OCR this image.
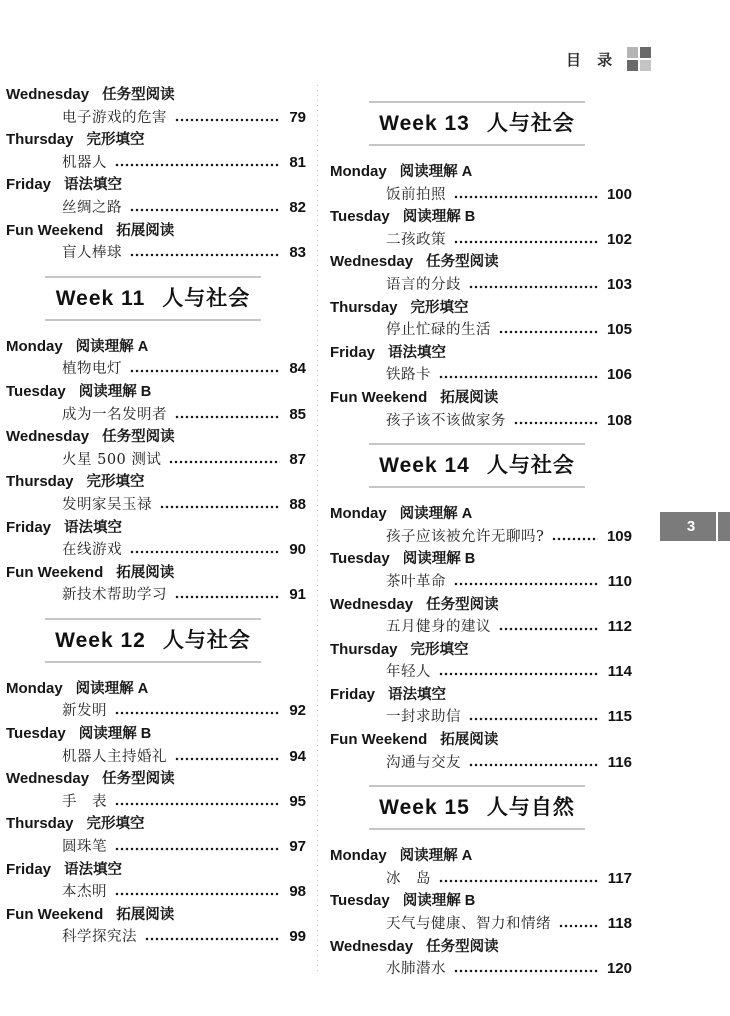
目 录
Wednesday 任务型阅读
电子游戏的危害	79
Thursday 完形填空
机器人	81
Friday 语法填空
丝绸之路	82
Fun Weekend 拓展阅读
盲人棒球	83
Week 11 人与社会
Monday 阅读理解 A
植物电灯	84
Tuesday 阅读理解 B
成为一名发明者	85
Wednesday 任务型阅读
火星 500 测试	87
Thursday 完形填空
发明家吴玉禄	88
Friday 语法填空
在线游戏	90
Fun Weekend 拓展阅读
新技术帮助学习	91
Week 12 人与社会
Monday 阅读理解 A
新发明	92
Tuesday 阅读理解 B
机器人主持婚礼	94
Wednesday 任务型阅读
手　表	95
Thursday 完形填空
圆珠笔	97
Friday 语法填空
本杰明	98
Fun Weekend 拓展阅读
科学探究法	99
Week 13 人与社会
Monday 阅读理解 A
饭前拍照	100
Tuesday 阅读理解 B
二孩政策	102
Wednesday 任务型阅读
语言的分歧	103
Thursday 完形填空
停止忙碌的生活	105
Friday 语法填空
铁路卡	106
Fun Weekend 拓展阅读
孩子该不该做家务	108
Week 14 人与社会
Monday 阅读理解 A
孩子应该被允许无聊吗?	109
Tuesday 阅读理解 B
茶叶革命	110
Wednesday 任务型阅读
五月健身的建议	112
Thursday 完形填空
年轻人	114
Friday 语法填空
一封求助信	115
Fun Weekend 拓展阅读
沟通与交友	116
Week 15 人与自然
Monday 阅读理解 A
冰　岛	117
Tuesday 阅读理解 B
天气与健康、智力和情绪	118
Wednesday 任务型阅读
水肺潜水	120
3
